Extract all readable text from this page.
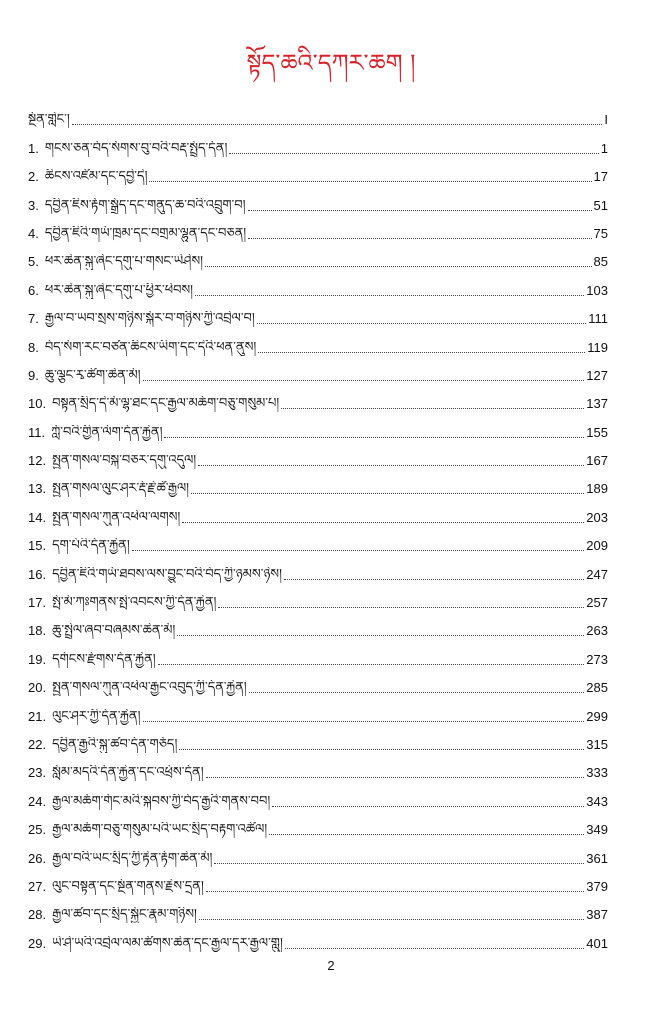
སྟོད་ཆའི་དཀར་ཆག །
སྔོན་གླེང་།	I
1. གངས་ཅན་བོད་སོགས་བུ་བའི་བརྡ་སྤྲོད་དོན།	1
2. ཆིངས་འཛོམ་དང་དབྱེ་དེ།	17
3. དབྱིན་ཇིས་རྟོག་སྒྲོད་དང་གནུད་ཆ་བའི་འབྲུག་བ།	51
4. དབྱིན་ཇིའི་གཡོ་ཁྲམ་དང་བགྲམ་ལྷུན་དང་བཅན།	75
5. ཕར་ཆེན་སྐུ་ཞེང་དགུ་པ་གསང་ཡེཤེས།	85
6. ཕར་ཆེན་སྐུ་ཞེང་དགུ་པ་ཕྱིར་ཕེབས།	103
7. རྒྱལ་བ་ཡབ་སྲས་གཉིས་སྐོར་བ་གཉིས་ཀྱི་འབྲེལ་བ།	111
8. བོད་སོག་རང་བཙན་ཆིངས་ཡིག་དང་དེའི་ཕན་ནུས།	119
9. ཆུ་ལྕང་རྭ་ཚོག་ཆེན་མོ།	127
10. བསྟན་སྲིད་དེ་མོ་ལྷ་ཐང་དང་རྒྱལ་མཆོག་བཅུ་གསུམ་པ།	137
11. ཀློ་བའི་གྱིན་ལོག་དོན་རྐྱེན།	155
12. སྤྱན་གསལ་བསྐ་བཅར་དགུ་འདུལ།	167
13. སྤྱན་གསལ་ལུང་ཤར་རྡོ་རྗེ་ཚེ་རྒྱལ།	189
14. སྤྱན་གསལ་ཀུན་འཕེལ་ལགས།	203
15. དག་པོའི་དོན་རྐྱེན།	209
16. དབྱིན་ཇིའི་གཡོ་ཐབས་ལས་བྱུང་བའི་བོད་ཀྱི་ཉམས་ཉེས།	247
17. སྤོ་མོ་ཀཿགནས་སྤེ་འབངས་ཀྱི་དོན་རྐྱེན།	257
18. ཆུ་སྤྲེལ་ཞབ་བཞམས་ཆེན་མོ།	263
19. དགོངས་རྫོགས་དོན་རྐྱེན།	273
20. སྤྱན་གསལ་ཀུན་འཕེལ་རྒྱང་འབུད་ཀྱི་དོན་རྐྱེན།	285
21. ལུང་ཤར་ཀྱི་དོན་རྐྱེན།	299
22. དབྱིན་རྒྱའི་སྐུ་ཚབ་དོན་གཅོད།	315
23. སློམ་མདའི་དོན་རྐྱེན་དང་འཕྲོས་དོན།	333
24. རྒྱལ་མཆོག་གོང་མའི་སྐབས་ཀྱི་བོད་རྒྱའི་གནས་བབ།	343
25. རྒྱལ་མཆོག་བཅུ་གསུམ་པའི་ཡང་སྲིད་བརྟག་འཚོལ།	349
26. རྒྱལ་བའི་ཡང་སྲིད་ཀྱི་རྟེན་རྟོག་ཆེན་མོ།	361
27. ལུང་བསྟན་དང་སྔོན་གནས་རྗེས་དྲན།	379
28. རྒྱལ་ཚབ་དང་སྲིད་སྐྱོང་རྣམ་གཉིས།	387
29. ཡེ་ཤེ་ཡའི་འབྲེལ་ལམ་ཚོགས་ཆེན་དང་རྒྱལ་དར་རྒྱལ་གླུ།	401
2
